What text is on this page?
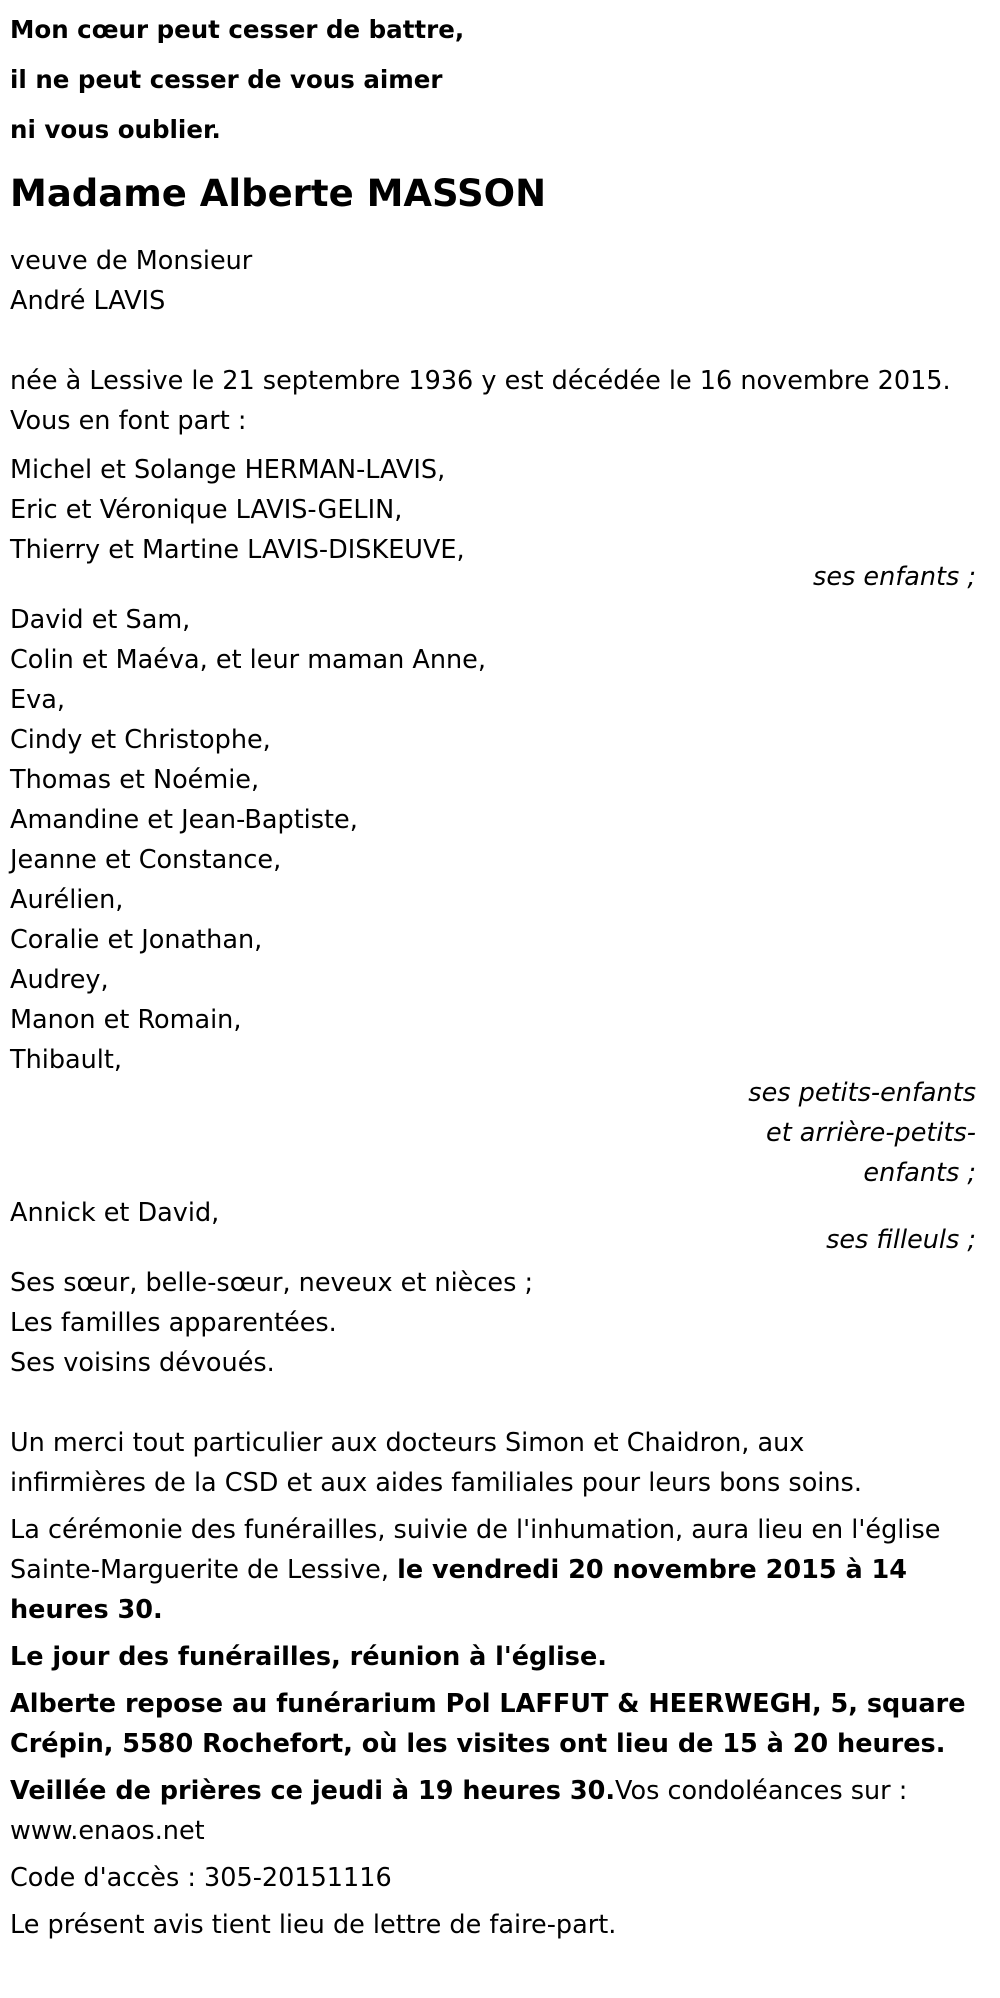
Mon cœur peut cesser de battre,
il ne peut cesser de vous aimer
ni vous oublier.
Madame Alberte MASSON
veuve de Monsieur
André LAVIS
née à Lessive le 21 septembre 1936 y est décédée le 16 novembre 2015.
Vous en font part :
Michel et Solange HERMAN-LAVIS,
Eric et Véronique LAVIS-GELIN,
Thierry et Martine LAVIS-DISKEUVE,
ses enfants ;
David et Sam,
Colin et Maéva, et leur maman Anne,
Eva,
Cindy et Christophe,
Thomas et Noémie,
Amandine et Jean-Baptiste,
Jeanne et Constance,
Aurélien,
Coralie et Jonathan,
Audrey,
Manon et Romain,
Thibault,
ses petits-enfants
et arrière-petits-
enfants ;
Annick et David,
ses filleuls ;
Ses sœur, belle-sœur, neveux et nièces ;
Les familles apparentées.
Ses voisins dévoués.
Un merci tout particulier aux docteurs Simon et Chaidron, aux
infirmières de la CSD et aux aides familiales pour leurs bons soins.
La cérémonie des funérailles, suivie de l'inhumation, aura lieu en l'église
Sainte-Marguerite de Lessive, le vendredi 20 novembre 2015 à 14
heures 30.
Le jour des funérailles, réunion à l'église.
Alberte repose au funérarium Pol LAFFUT & HEERWEGH, 5, square
Crépin, 5580 Rochefort, où les visites ont lieu de 15 à 20 heures.
Veillée de prières ce jeudi à 19 heures 30.Vos condoléances sur :
www.enaos.net
Code d'accès : 305-20151116
Le présent avis tient lieu de lettre de faire-part.
